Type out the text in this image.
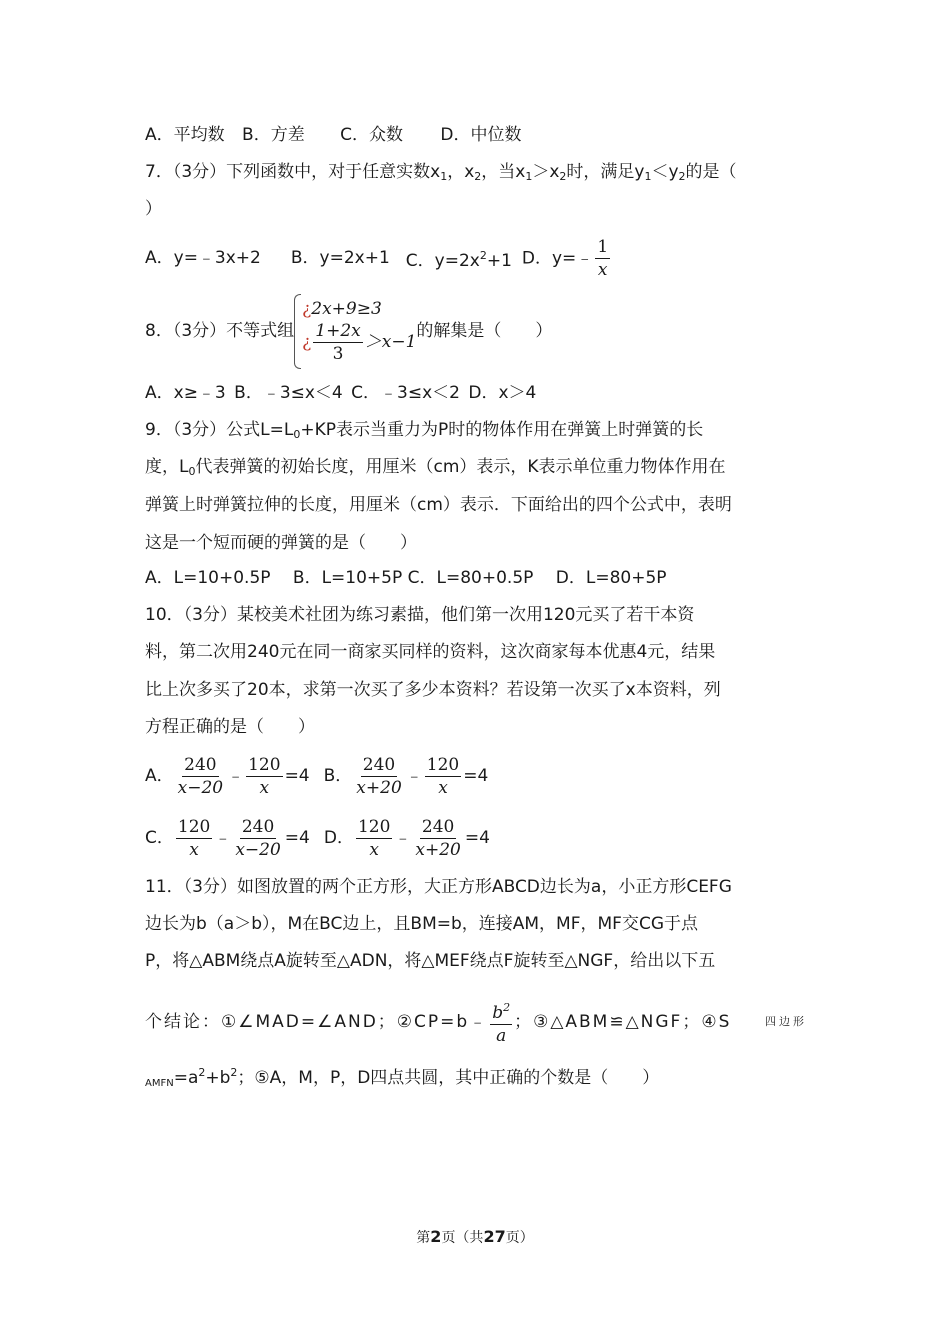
A．平均数 B．方差 C．众数 D．中位数
7．（3分）下列函数中，对于任意实数$x_1$，$x_2$，当$x_1>x_2$时，满足$y_1<y_2$的是（
）
A．y=﹣3x+2 B．y=2x+1 C．$y=2x^2+1$ D．y=﹣ $\frac{1}{x}$
8．（3分）不等式组
¿2x+9≥3
¿ $\frac{1+2x}{3} >x-1$
的解集是（　　）
A．x≥﹣3 B．﹣3≤x＜4 C．﹣3≤x＜2 D．x＞4
9．（3分）公式$L=L_0+KP$表示当重力为P时的物体作用在弹簧上时弹簧的长
度，$L_0$代表弹簧的初始长度，用厘米（cm）表示，K表示单位重力物体作用在
弹簧上时弹簧拉伸的长度，用厘米（cm）表示．下面给出的四个公式中，表明
这是一个短而硬的弹簧的是（　　）
A．L=10+0.5P　 B．L=10+5P C．L=80+0.5P　 D．L=80+5P
10．（3分）某校美术社团为练习素描，他们第一次用120元买了若干本资
料，第二次用240元在同一商家买同样的资料，这次商家每本优惠4元，结果
比上次多买了20本，求第一次买了多少本资料？若设第一次买了x本资料，列
方程正确的是（　　）
A． $\frac{240}{x-20}$ ﹣ $\frac{120}{x} =4$ B． $\frac{240}{x+20}$ ﹣ $\frac{120}{x} =4$
C． $\frac{120}{x}$ ﹣ $\frac{240}{x-20} =4$ D． $\frac{120}{x}$ ﹣ $\frac{240}{x+20} =4$
11．（3分）如图放置的两个正方形，大正方形ABCD边长为a，小正方形CEFG
边长为b（a＞b），M在BC边上，且BM=b，连接AM，MF，MF交CG于点
P，将△ABM绕点A旋转至△ADN，将△MEF绕点F旋转至△NGF，给出以下五
个结论：①∠MAD=∠AND；②CP=b﹣ $\frac{b^2}{a}$ ；③△ABM≌△NGF；④S	四边形
$AMFN=a^2+b^2$；⑤A，M，P，D四点共圆，其中正确的个数是（　　）
第2页（共27页）
